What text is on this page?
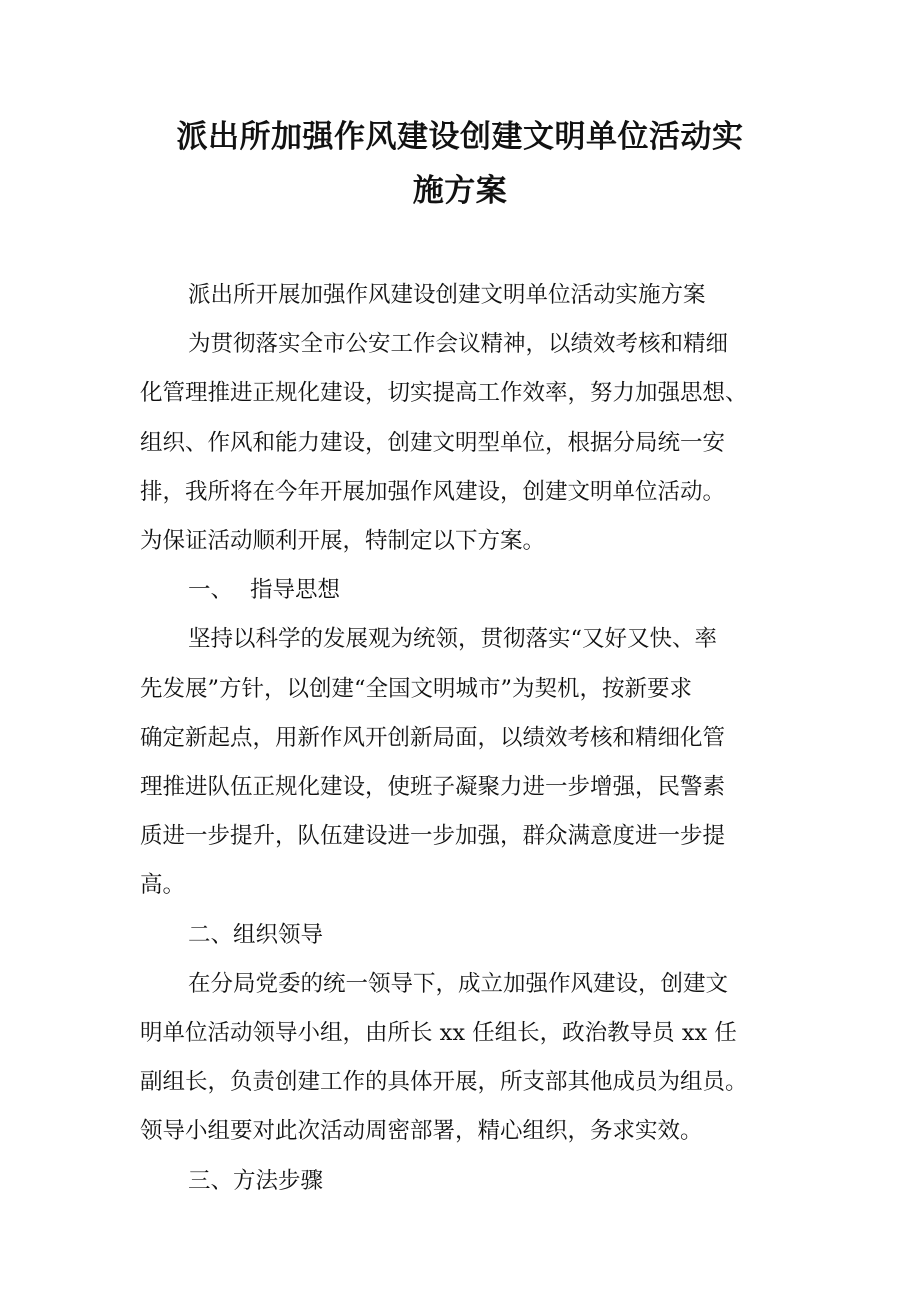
派出所加强作风建设创建文明单位活动实
施方案
派出所开展加强作风建设创建文明单位活动实施方案
为贯彻落实全市公安工作会议精神，以绩效考核和精细
化管理推进正规化建设，切实提高工作效率，努力加强思想、
组织、作风和能力建设，创建文明型单位，根据分局统一安
排，我所将在今年开展加强作风建设，创建文明单位活动。
为保证活动顺利开展，特制定以下方案。
一、 指导思想
坚持以科学的发展观为统领，贯彻落实“又好又快、率
先发展”方针，以创建“全国文明城市”为契机，按新要求
确定新起点，用新作风开创新局面，以绩效考核和精细化管
理推进队伍正规化建设，使班子凝聚力进一步增强，民警素
质进一步提升，队伍建设进一步加强，群众满意度进一步提
高。
二、组织领导
在分局党委的统一领导下，成立加强作风建设，创建文
明单位活动领导小组，由所长 xx 任组长，政治教导员 xx 任
副组长，负责创建工作的具体开展，所支部其他成员为组员。
领导小组要对此次活动周密部署，精心组织，务求实效。
三、方法步骤
